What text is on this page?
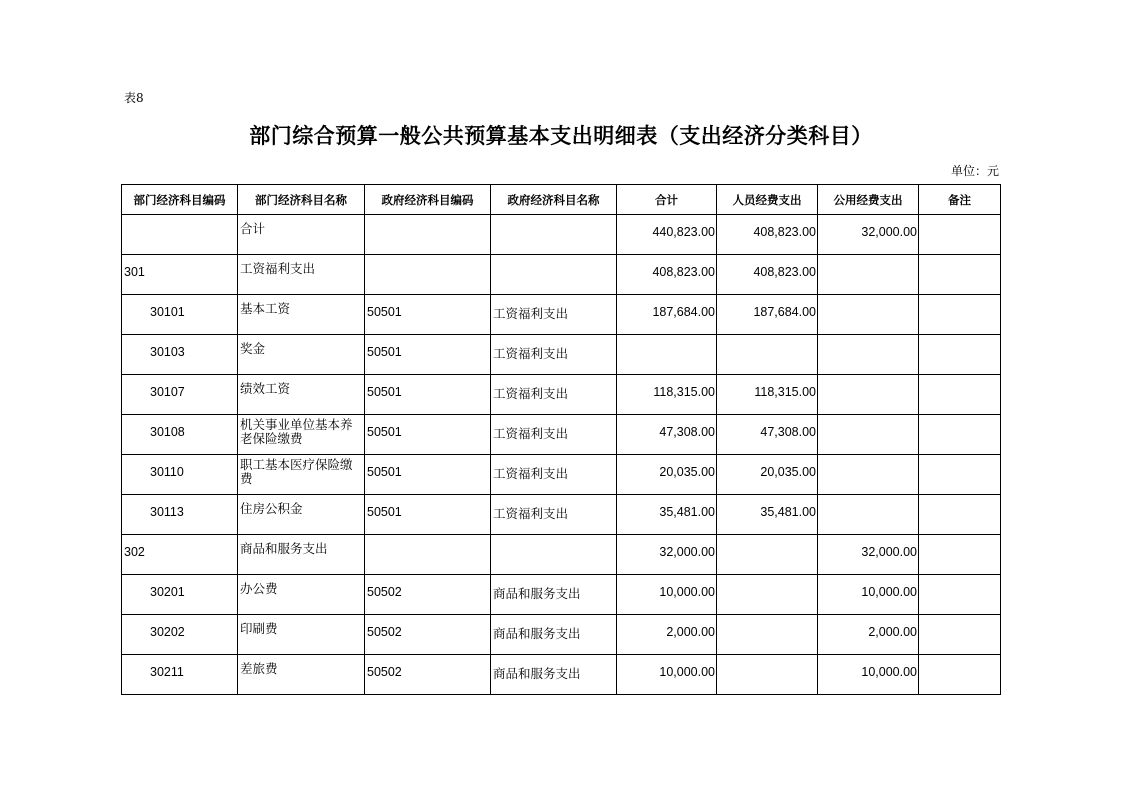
表8
部门综合预算一般公共预算基本支出明细表（支出经济分类科目）
单位：元
部门经济科目编码	部门经济科目名称	政府经济科目编码	政府经济科目名称	合计	人员经费支出	公用经费支出	备注
	合计			440,823.00	408,823.00	32,000.00	
301	工资福利支出			408,823.00	408,823.00		
30101	基本工资	50501	工资福利支出	187,684.00	187,684.00		
30103	奖金	50501	工资福利支出				
30107	绩效工资	50501	工资福利支出	118,315.00	118,315.00		
30108	机关事业单位基本养老保险缴费	50501	工资福利支出	47,308.00	47,308.00		
30110	职工基本医疗保险缴费	50501	工资福利支出	20,035.00	20,035.00		
30113	住房公积金	50501	工资福利支出	35,481.00	35,481.00		
302	商品和服务支出			32,000.00		32,000.00	
30201	办公费	50502	商品和服务支出	10,000.00		10,000.00	
30202	印刷费	50502	商品和服务支出	2,000.00		2,000.00	
30211	差旅费	50502	商品和服务支出	10,000.00		10,000.00	
